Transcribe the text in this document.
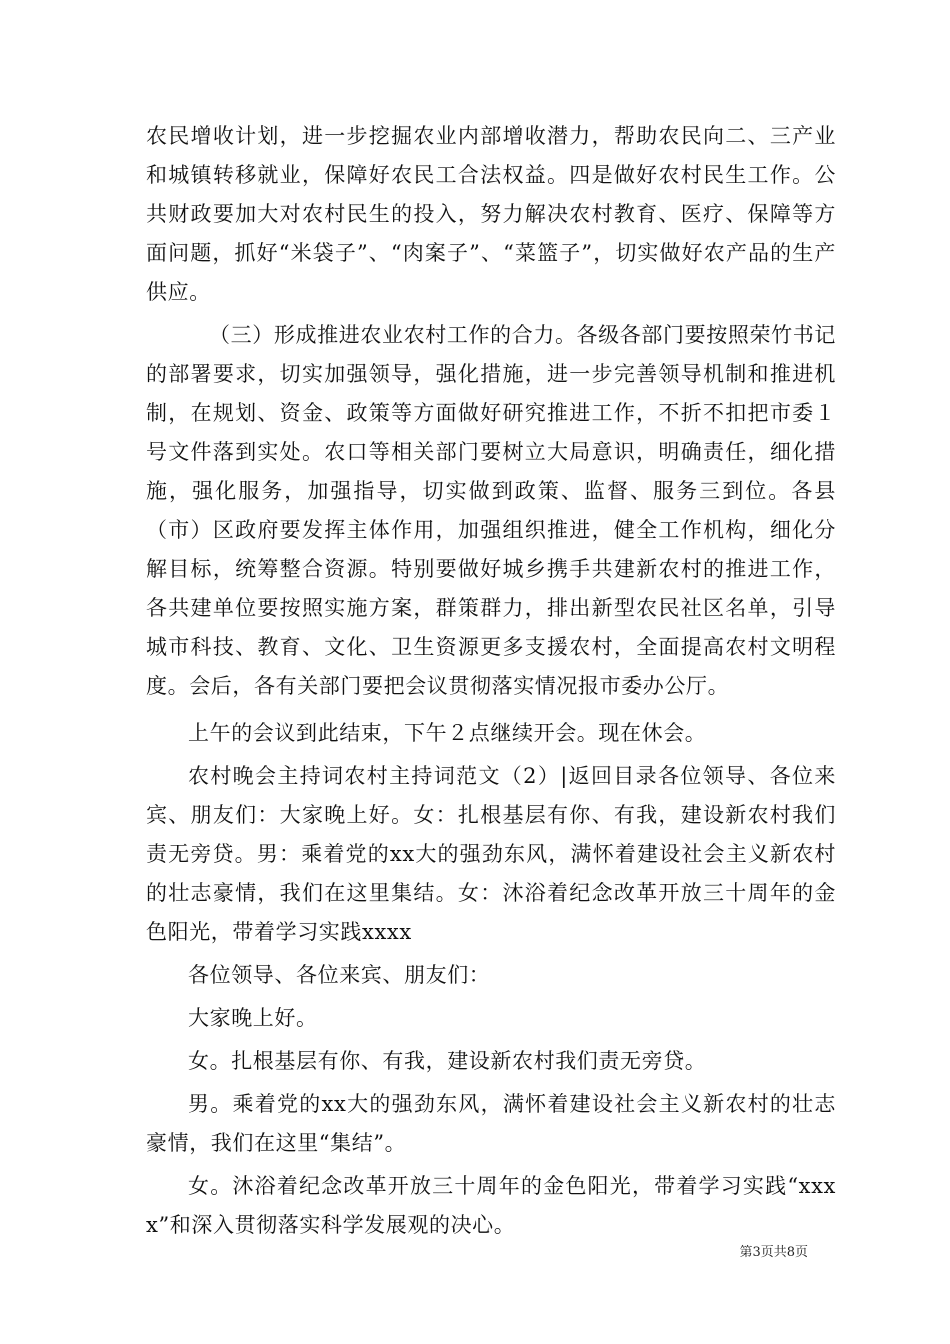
农民增收计划，进一步挖掘农业内部增收潜力，帮助农民向二、三产业和城镇转移就业，保障好农民工合法权益。四是做好农村民生工作。公共财政要加大对农村民生的投入，努力解决农村教育、医疗、保障等方面问题，抓好“米袋子”、“肉案子”、“菜篮子”，切实做好农产品的生产供应。

（三）形成推进农业农村工作的合力。各级各部门要按照荣竹书记的部署要求，切实加强领导，强化措施，进一步完善领导机制和推进机制，在规划、资金、政策等方面做好研究推进工作，不折不扣把市委１号文件落到实处。农口等相关部门要树立大局意识，明确责任，细化措施，强化服务，加强指导，切实做到政策、监督、服务三到位。各县（市）区政府要发挥主体作用，加强组织推进，健全工作机构，细化分解目标，统筹整合资源。特别要做好城乡携手共建新农村的推进工作，各共建单位要按照实施方案，群策群力，排出新型农民社区名单，引导城市科技、教育、文化、卫生资源更多支援农村，全面提高农村文明程度。会后，各有关部门要把会议贯彻落实情况报市委办公厅。

上午的会议到此结束，下午２点继续开会。现在休会。

农村晚会主持词农村主持词范文（2）|返回目录各位领导、各位来宾、朋友们：大家晚上好。女：扎根基层有你、有我，建设新农村我们责无旁贷。男：乘着党的xx大的强劲东风，满怀着建设社会主义新农村的壮志豪情，我们在这里集结。女：沐浴着纪念改革开放三十周年的金色阳光，带着学习实践xxxx

各位领导、各位来宾、朋友们：

大家晚上好。

女。扎根基层有你、有我，建设新农村我们责无旁贷。

男。乘着党的xx大的强劲东风，满怀着建设社会主义新农村的壮志豪情，我们在这里“集结”。

女。沐浴着纪念改革开放三十周年的金色阳光，带着学习实践“xxxx”和深入贯彻落实科学发展观的决心。

第3页共8页
